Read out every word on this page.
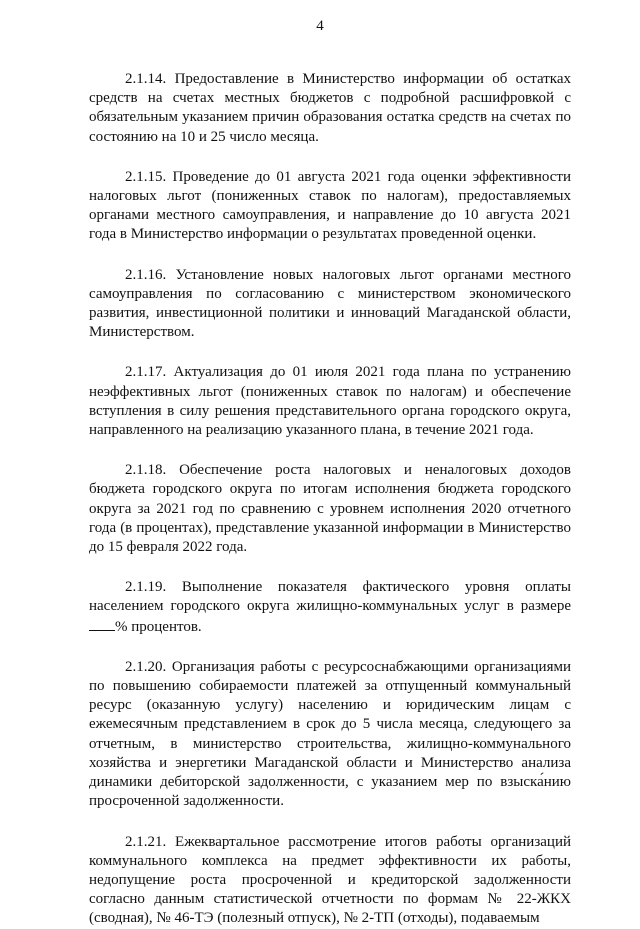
4

2.1.14. Предоставление в Министерство информации об остатках средств на счетах местных бюджетов с подробной расшифровкой с обязательным указанием причин образования остатка средств на счетах по состоянию на 10 и 25 число месяца.

2.1.15. Проведение до 01 августа 2021 года оценки эффективности налоговых льгот (пониженных ставок по налогам), предоставляемых органами местного самоуправления, и направление до 10 августа 2021 года в Министерство информации о результатах проведенной оценки.

2.1.16. Установление новых налоговых льгот органами местного самоуправления по согласованию с министерством экономического развития, инвестиционной политики и инноваций Магаданской области, Министерством.

2.1.17. Актуализация до 01 июля 2021 года плана по устранению неэффективных льгот (пониженных ставок по налогам) и обеспечение вступления в силу решения представительного органа городского округа, направленного на реализацию указанного плана, в течение 2021 года.

2.1.18. Обеспечение роста налоговых и неналоговых доходов бюджета городского округа по итогам исполнения бюджета городского округа за 2021 год по сравнению с уровнем исполнения 2020 отчетного года (в процентах), представление указанной информации в Министерство до 15 февраля 2022 года.

2.1.19. Выполнение показателя фактического уровня оплаты населением городского округа жилищно-коммунальных услуг в размере % процентов.

2.1.20. Организация работы с ресурсоснабжающими организациями по повышению собираемости платежей за отпущенный коммунальный ресурс (оказанную услугу) населению и юридическим лицам с ежемесячным представлением в срок до 5 числа месяца, следующего за отчетным, в министерство строительства, жилищно-коммунального хозяйства и энергетики Магаданской области и Министерство анализа динамики дебиторской задолженности, с указанием мер по взыска́нию просроченной задолженности.

2.1.21. Ежеквартальное рассмотрение итогов работы организаций коммунального комплекса на предмет эффективности их работы, недопущение роста просроченной и кредиторской задолженности согласно данным статистической отчетности по формам № 22-ЖКХ (сводная), № 46-ТЭ (полезный отпуск), № 2-ТП (отходы), подаваемым
